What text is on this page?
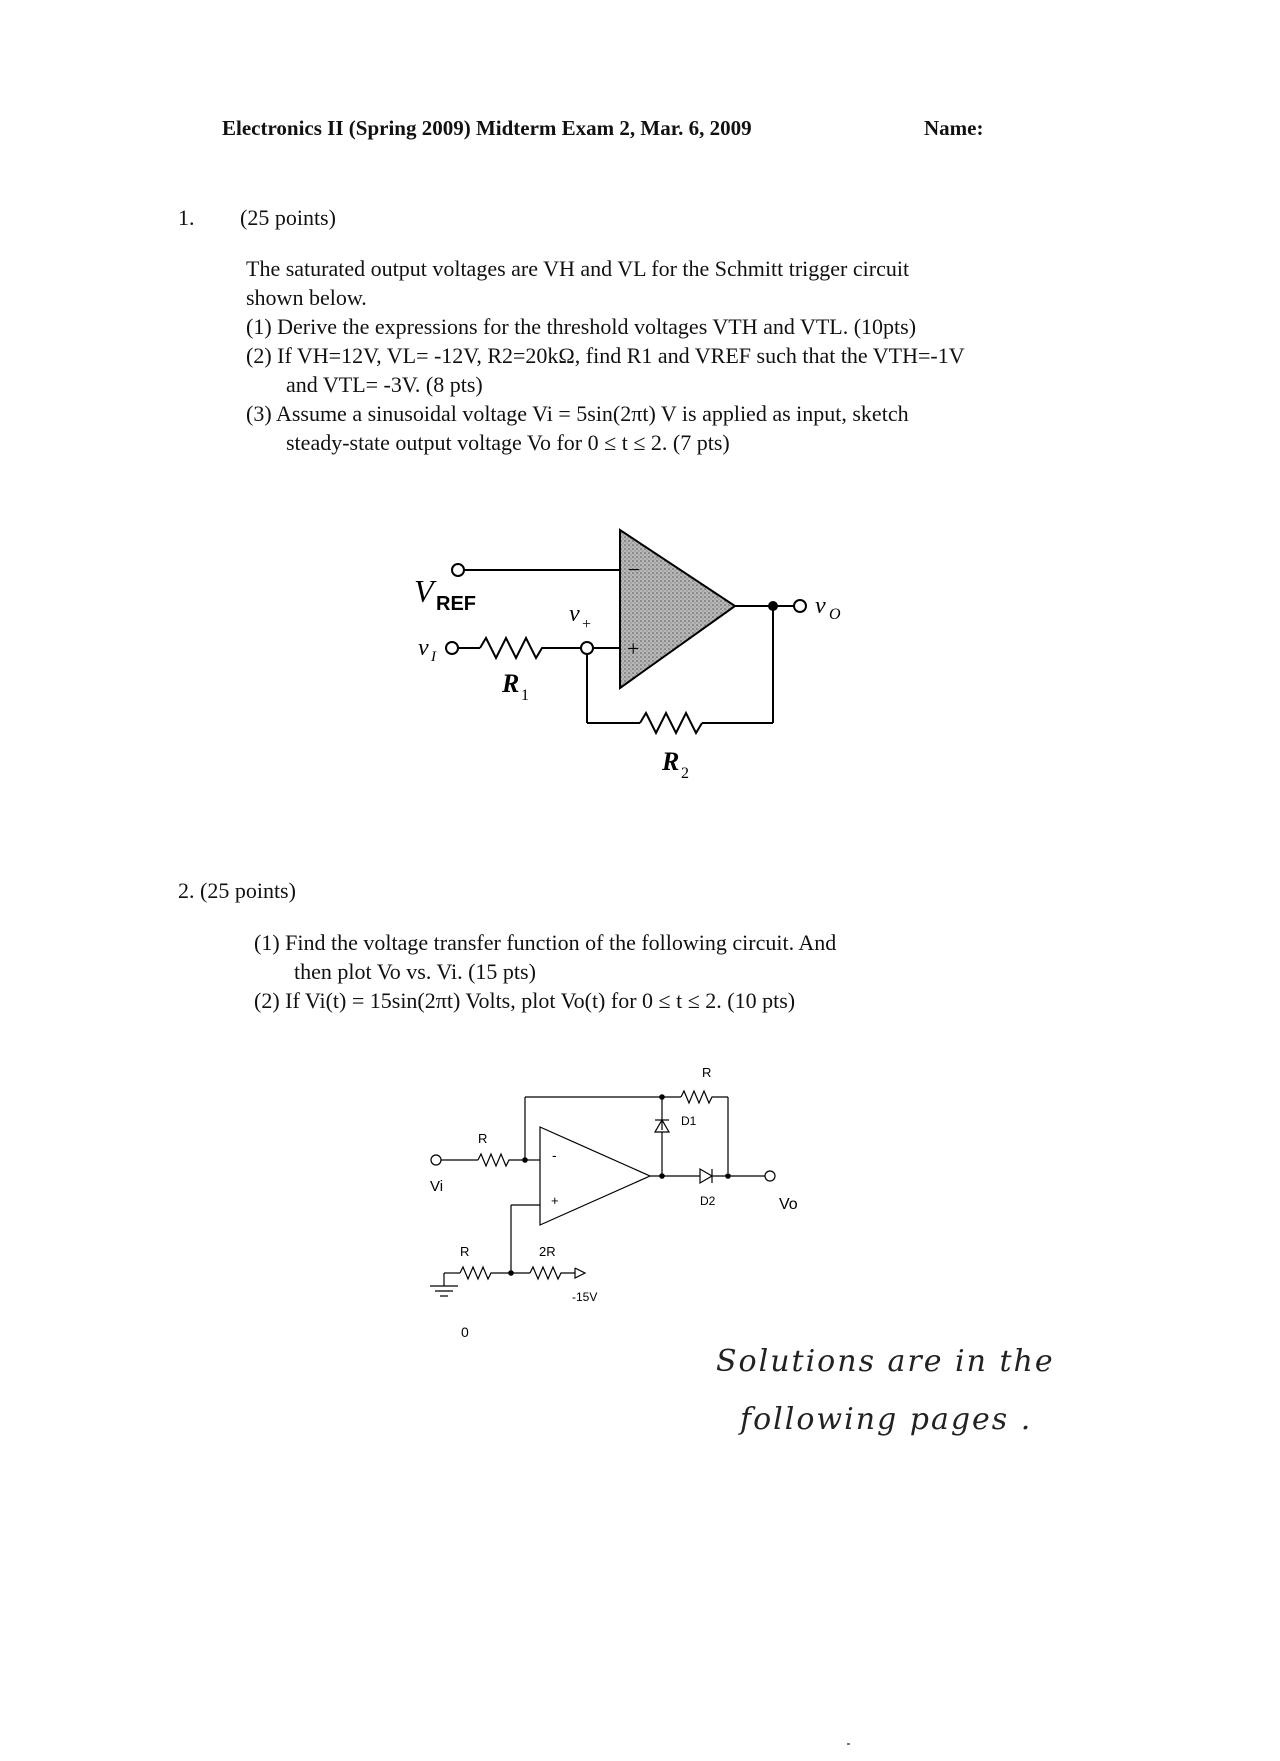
Electronics II (Spring 2009) Midterm Exam 2, Mar. 6, 2009	Name:
1. (25 points)
The saturated output voltages are VH and VL for the Schmitt trigger circuit
shown below.
(1) Derive the expressions for the threshold voltages VTH and VTL. (10pts)
(2) If VH=12V, VL= -12V, R2=20kΩ, find R1 and VREF such that the VTH=-1V
and VTL= -3V. (8 pts)
(3) Assume a sinusoidal voltage Vi = 5sin(2πt) V is applied as input, sketch
steady-state output voltage Vo for 0 ≤ t ≤ 2. (7 pts)
−
+
V REF
v I
R 1
v +
R 2
v O
2. (25 points)
(1) Find the voltage transfer function of the following circuit. And
then plot Vo vs. Vi. (15 pts)
(2) If Vi(t) = 15sin(2πt) Volts, plot Vo(t) for 0 ≤ t ≤ 2. (10 pts)
-
+
R
D1
R
Vi
D2	Vo
R	2R
-15V
0
Solutions are in the
following pages .
